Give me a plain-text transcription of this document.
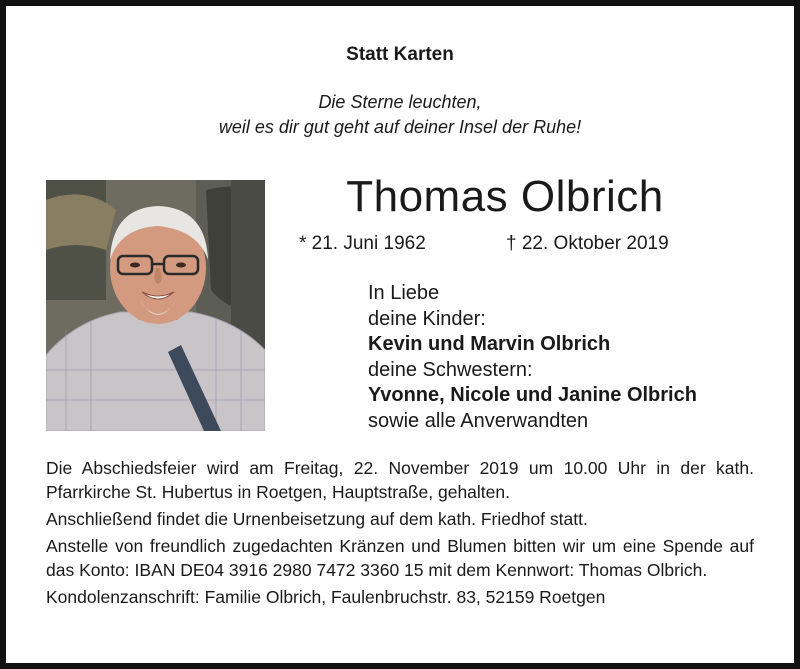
Statt Karten
Die Sterne leuchten,
weil es dir gut geht auf deiner Insel der Ruhe!
Thomas Olbrich
* 21. Juni 1962	† 22. Oktober 2019
In Liebe
deine Kinder:
Kevin und Marvin Olbrich
deine Schwestern:
Yvonne, Nicole und Janine Olbrich
sowie alle Anverwandten

Die Abschiedsfeier wird am Freitag, 22. November 2019 um 10.00 Uhr in der kath. Pfarrkirche St. Hubertus in Roetgen, Hauptstraße, gehalten.

Anschließend findet die Urnenbeisetzung auf dem kath. Friedhof statt.

Anstelle von freundlich zugedachten Kränzen und Blumen bitten wir um eine Spende auf das Konto: IBAN DE04 3916 2980 7472 3360 15 mit dem Kennwort: Thomas Olbrich.

Kondolenzanschrift: Familie Olbrich, Faulenbruchstr. 83, 52159 Roetgen
